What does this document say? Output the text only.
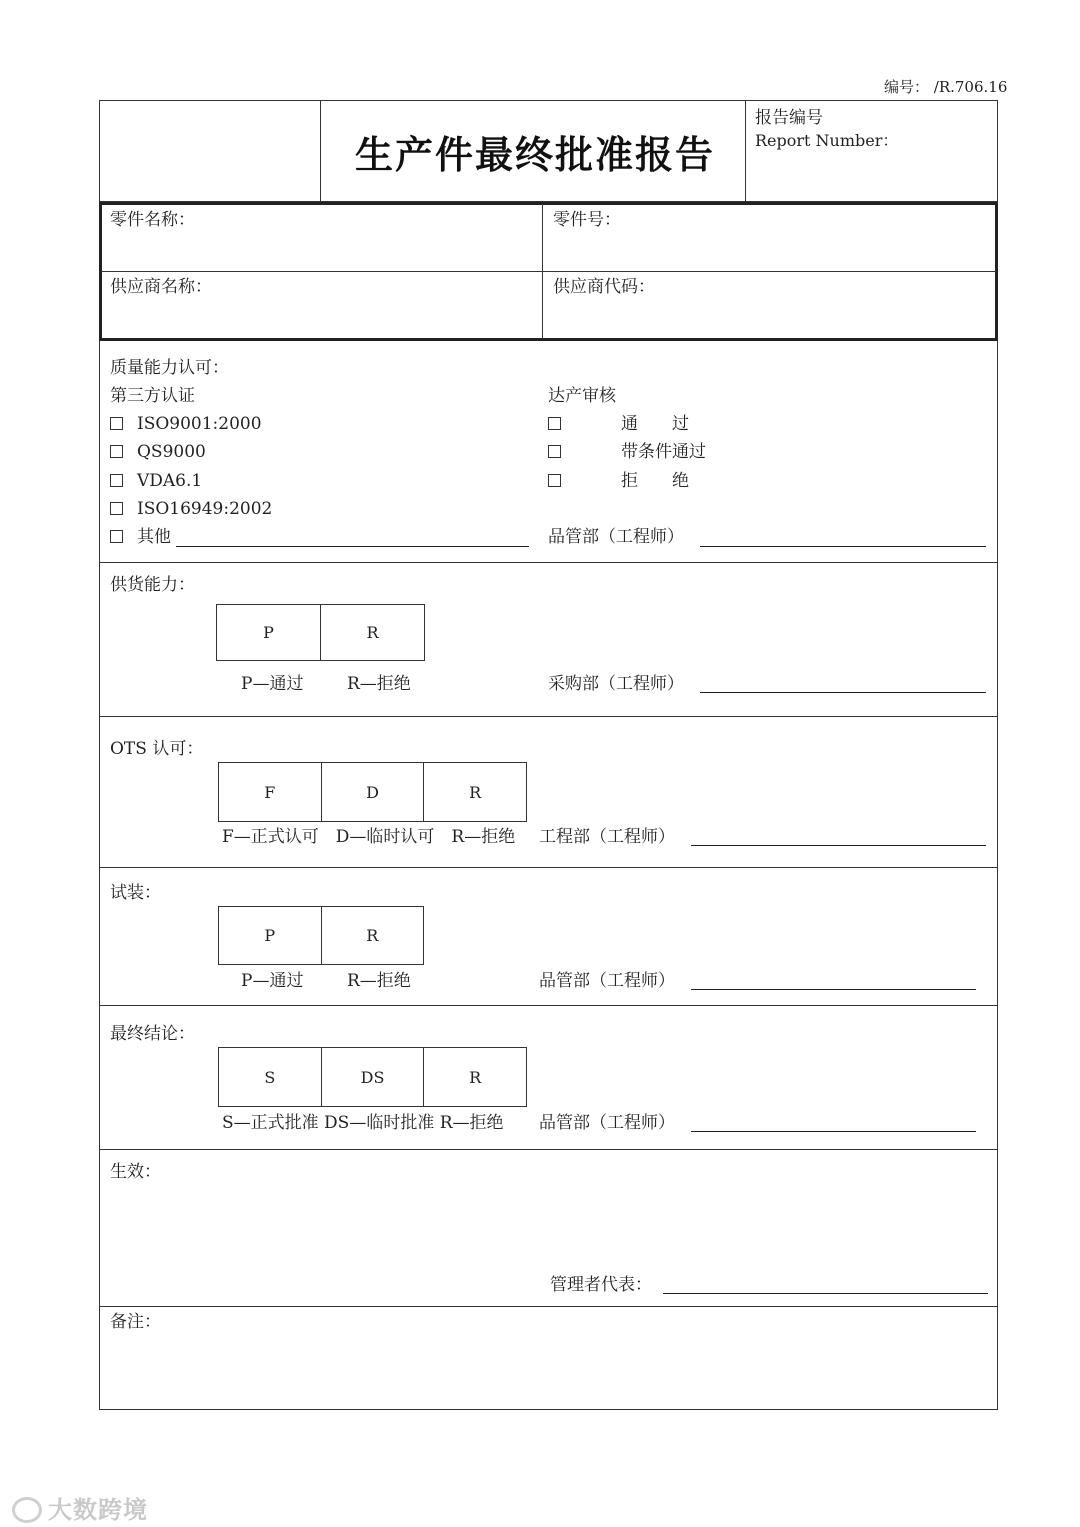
编号： /R.706.16
生产件最终批准报告
报告编号
Report Number：
零件名称：	零件号：
供应商名称：	供应商代码：
质量能力认可：
第三方认证
ISO9001:2000
QS9000
VDA6.1
ISO16949:2002
其他
达产审核
通　　过
带条件通过
拒　　绝
品管部（工程师）
供货能力：
P	R
P—通过	R—拒绝	采购部（工程师）
OTS 认可：
F	D	R
F—正式认可　D—临时认可　R—拒绝 工程部（工程师）
试装：
P	R
P—通过	R—拒绝	品管部（工程师）
最终结论：
S	DS	R
S—正式批准 DS—临时批准 R—拒绝 品管部（工程师）
生效：
管理者代表：
备注：
大数跨境
